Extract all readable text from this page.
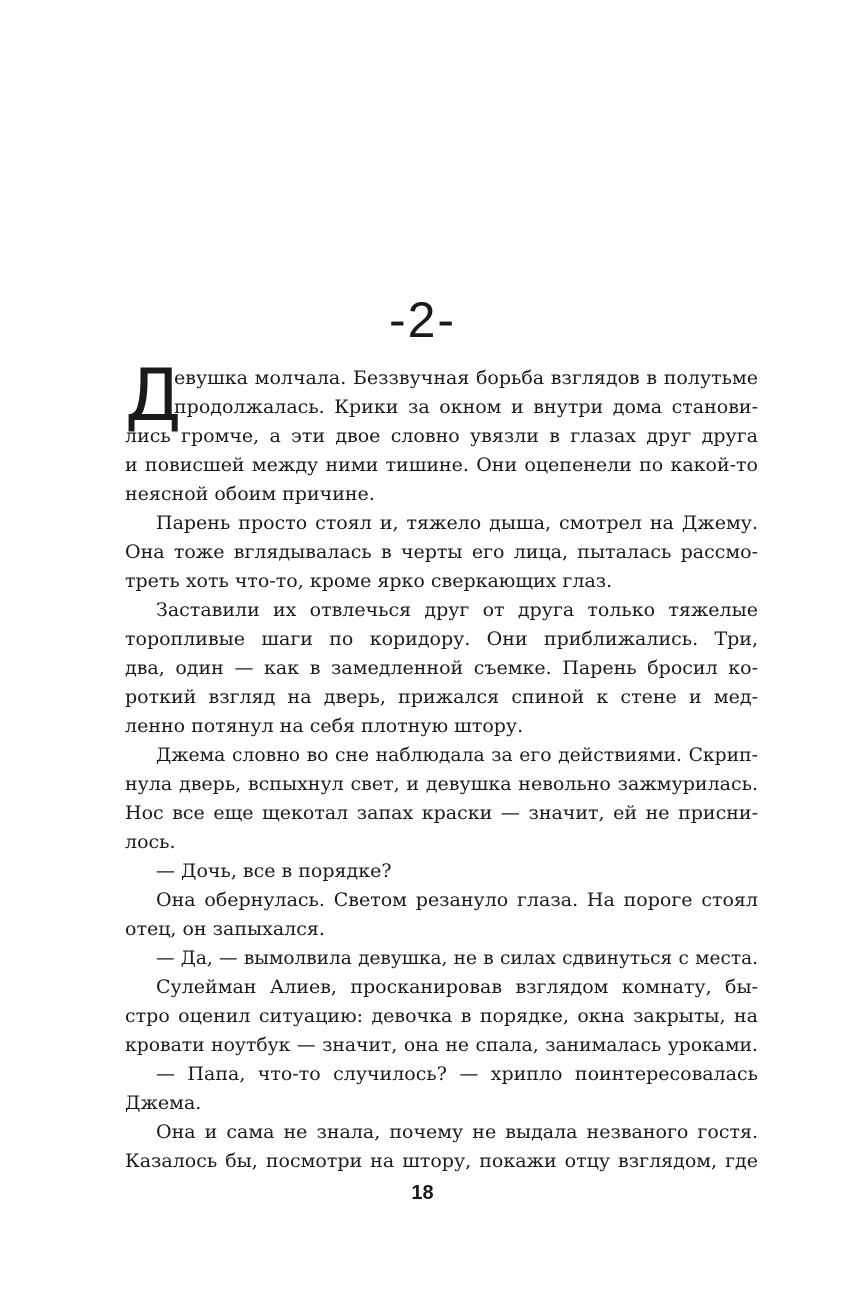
-2-
Д
евушка молчала. Беззвучная борьба взглядов в полутьме
продолжалась. Крики за окном и внутри дома станови-
лись громче, а эти двое словно увязли в глазах друг друга
и повисшей между ними тишине. Они оцепенели по какой-то
неясной обоим причине.
Парень просто стоял и, тяжело дыша, смотрел на Джему.
Она тоже вглядывалась в черты его лица, пыталась рассмо-
треть хоть что-то, кроме ярко сверкающих глаз.
Заставили их отвлечься друг от друга только тяжелые
торопливые шаги по коридору. Они приближались. Три,
два, один — как в замедленной съемке. Парень бросил ко-
роткий взгляд на дверь, прижался спиной к стене и мед-
ленно потянул на себя плотную штору.
Джема словно во сне наблюдала за его действиями. Скрип-
нула дверь, вспыхнул свет, и девушка невольно зажмурилась.
Нос все еще щекотал запах краски — значит, ей не присни-
лось.
— Дочь, все в порядке?
Она обернулась. Светом резануло глаза. На пороге стоял
отец, он запыхался.
— Да, — вымолвила девушка, не в силах сдвинуться с места.
Сулейман Алиев, просканировав взглядом комнату, бы-
стро оценил ситуацию: девочка в порядке, окна закрыты, на
кровати ноутбук — значит, она не спала, занималась уроками.
— Папа, что-то случилось? — хрипло поинтересовалась
Джема.
Она и сама не знала, почему не выдала незваного гостя.
Казалось бы, посмотри на штору, покажи отцу взглядом, где
18
